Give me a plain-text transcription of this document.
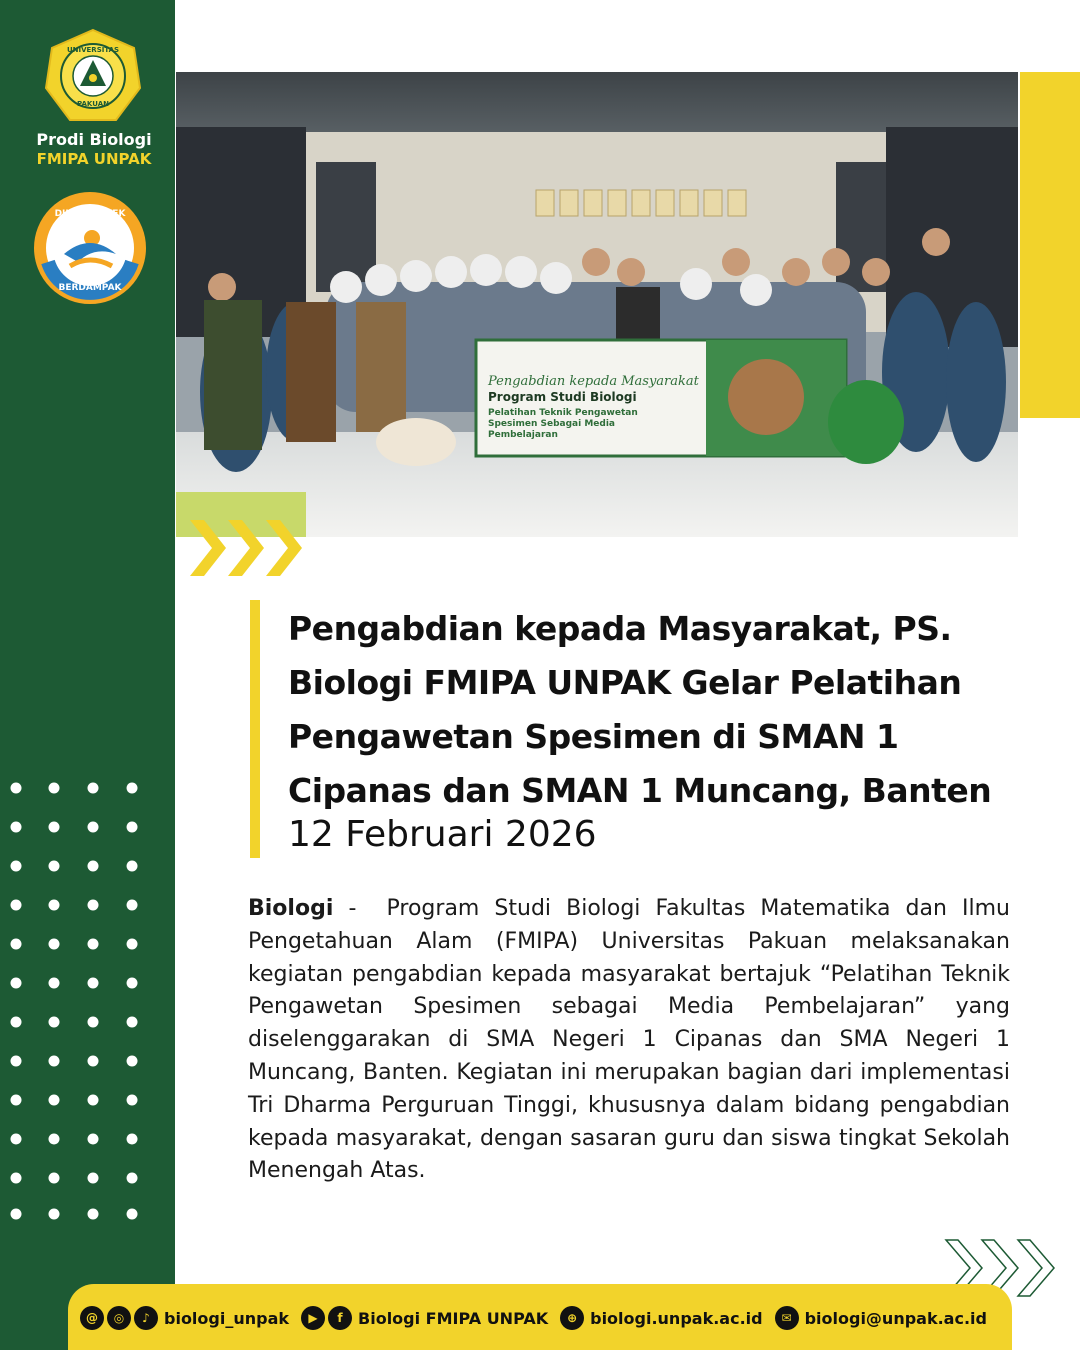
UNIVERSITAS
PAKUAN
Prodi Biologi
FMIPA UNPAK
DIKTISAINTEK
BERDAMPAK
Pengabdian kepada Masyarakat
Program Studi Biologi
Pelatihan Teknik Pengawetan
Spesimen Sebagai Media
Pembelajaran
Pengabdian kepada Masyarakat, PS.
Biologi FMIPA UNPAK Gelar Pelatihan
Pengawetan Spesimen di SMAN 1
Cipanas dan SMAN 1 Muncang, Banten
12 Februari 2026

Biologi -  Program Studi Biologi Fakultas Matematika dan Ilmu Pengetahuan Alam (FMIPA) Universitas Pakuan melaksanakan kegiatan pengabdian kepada masyarakat bertajuk “Pelatihan Teknik Pengawetan Spesimen sebagai Media Pembelajaran” yang diselenggarakan di SMA Negeri 1 Cipanas dan SMA Negeri 1 Muncang, Banten. Kegiatan ini merupakan bagian dari implementasi Tri Dharma Perguruan Tinggi, khususnya dalam bidang pengabdian kepada masyarakat, dengan sasaran guru dan siswa tingkat Sekolah Menengah Atas.

@	◎	♪ biologi_unpak	▶	f Biologi FMIPA UNPAK	⊕ biologi.unpak.ac.id	✉ biologi@unpak.ac.id
